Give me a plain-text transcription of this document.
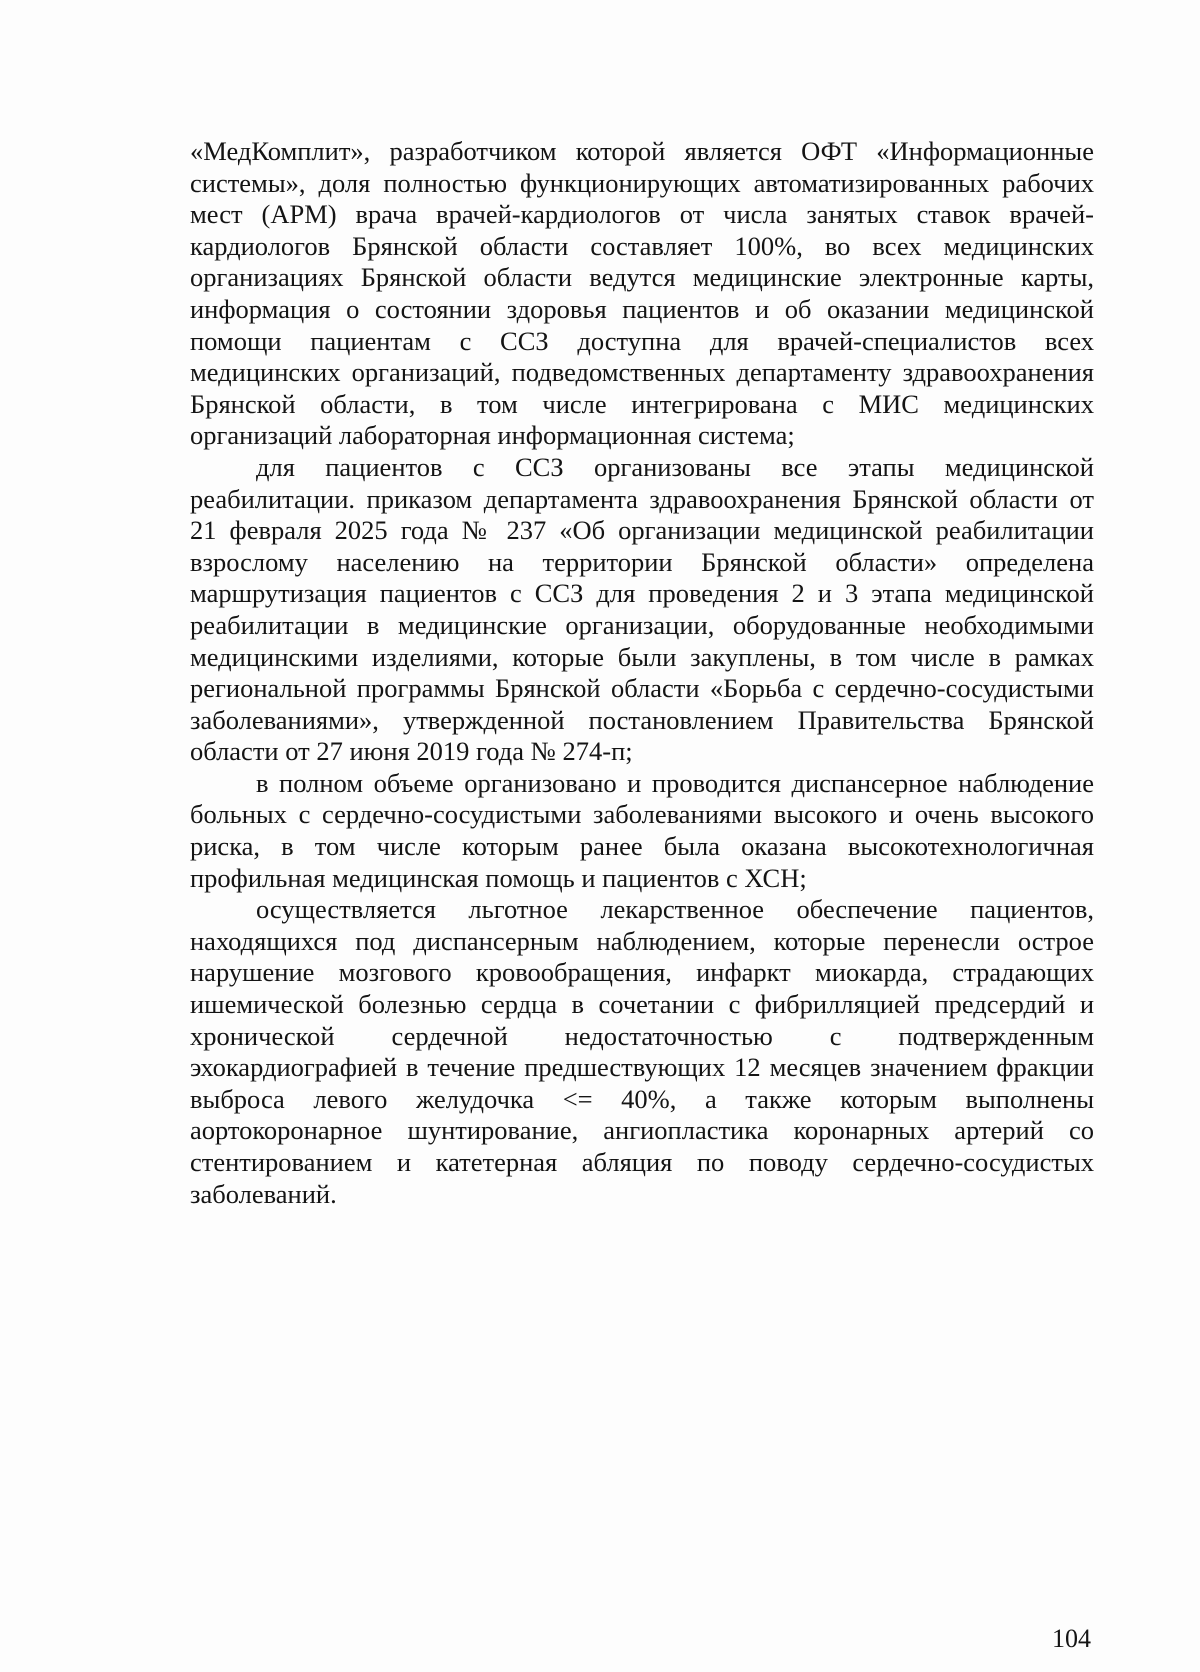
«МедКомплит», разработчиком которой является ОФТ «Информационные системы», доля полностью функционирующих автоматизированных рабочих мест (АРМ) врача врачей-кардиологов от числа занятых ставок врачей-кардиологов Брянской области составляет 100%, во всех медицинских организациях Брянской области ведутся медицинские электронные карты, информация о состоянии здоровья пациентов и об оказании медицинской помощи пациентам с ССЗ доступна для врачей-специалистов всех медицинских организаций, подведомственных департаменту здравоохранения Брянской области, в том числе интегрирована с МИС медицинских организаций лабораторная информационная система;

для пациентов с ССЗ организованы все этапы медицинской реабилитации. приказом департамента здравоохранения Брянской области от 21 февраля 2025 года № 237 «Об организации медицинской реабилитации взрослому населению на территории Брянской области» определена маршрутизация пациентов с ССЗ для проведения 2 и 3 этапа медицинской реабилитации в медицинские организации, оборудованные необходимыми медицинскими изделиями, которые были закуплены, в том числе в рамках региональной программы Брянской области «Борьба с сердечно-сосудистыми заболеваниями», утвержденной постановлением Правительства Брянской области от 27 июня 2019 года № 274-п;

в полном объеме организовано и проводится диспансерное наблюдение больных с сердечно-сосудистыми заболеваниями высокого и очень высокого риска, в том числе которым ранее была оказана высокотехнологичная профильная медицинская помощь и пациентов с ХСН;

осуществляется льготное лекарственное обеспечение пациентов, находящихся под диспансерным наблюдением, которые перенесли острое нарушение мозгового кровообращения, инфаркт миокарда, страдающих ишемической болезнью сердца в сочетании с фибрилляцией предсердий и хронической сердечной недостаточностью с подтвержденным эхокардиографией в течение предшествующих 12 месяцев значением фракции выброса левого желудочка <= 40%, а также которым выполнены аортокоронарное шунтирование, ангиопластика коронарных артерий со стентированием и катетерная абляция по поводу сердечно-сосудистых заболеваний.

104
